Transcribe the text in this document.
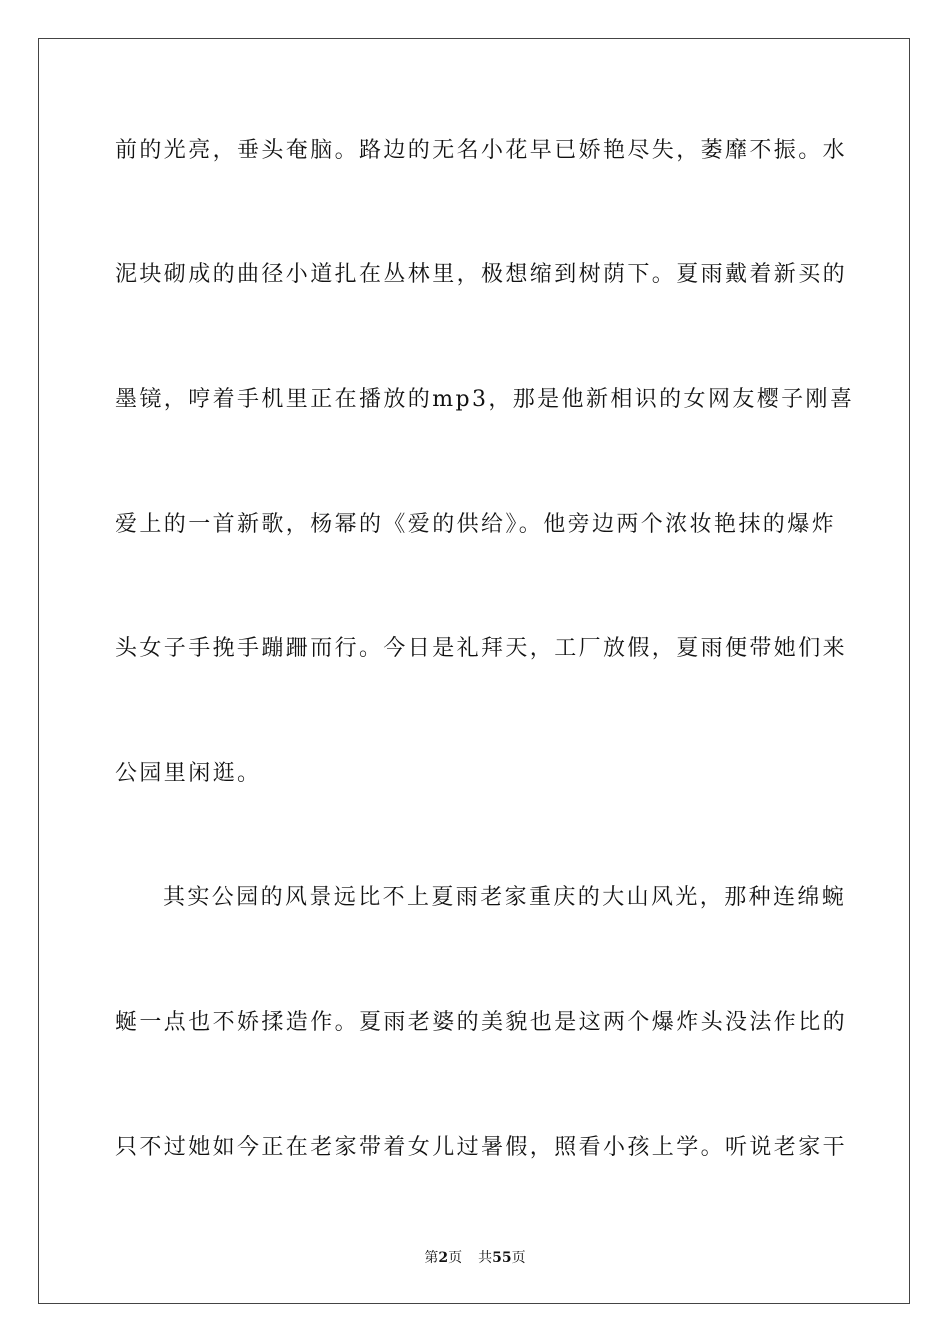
前的光亮，垂头奄脑。路边的无名小花早已娇艳尽失，萎靡不振。水
泥块砌成的曲径小道扎在丛林里，极想缩到树荫下。夏雨戴着新买的
墨镜，哼着手机里正在播放的mp3，那是他新相识的女网友樱子刚喜
爱上的一首新歌，杨幂的《爱的供给》。他旁边两个浓妆艳抹的爆炸
头女子手挽手蹦跚而行。今日是礼拜天，工厂放假，夏雨便带她们来
公园里闲逛。
其实公园的风景远比不上夏雨老家重庆的大山风光，那种连绵蜿
蜒一点也不娇揉造作。夏雨老婆的美貌也是这两个爆炸头没法作比的
只不过她如今正在老家带着女儿过暑假，照看小孩上学。听说老家干
第2页 共55页
